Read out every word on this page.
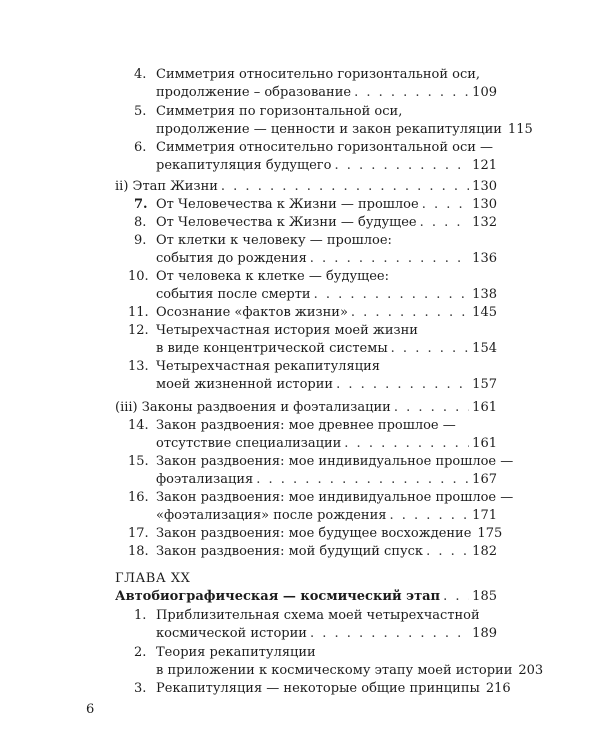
4. Симметрия относительно горизонтальной оси,
продолжение – образование . . .	109
5. Симметрия по горизонтальной оси,
продолжение — ценности и закон рекапитуляции 115
6. Симметрия относительно горизонтальной оси —
рекапитуляция будущего . . .	121
ii) Этап Жизни . . .	130
7. От Человечества к Жизни — прошлое . . .	130
8. От Человечества к Жизни — будущее . . .	132
9. От клетки к человеку — прошлое:
события до рождения . . .	136
10. От человека к клетке — будущее:
события после смерти . . .	138
11. Осознание «фактов жизни» . . .	145
12. Четырехчастная история моей жизни
в виде концентрической системы . . .	154
13. Четырехчастная рекапитуляция
моей жизненной истории . . .	157
(iii) Законы раздвоения и фоэтализации . . .	161
14. Закон раздвоения: мое древнее прошлое —
отсутствие специализации . . .	161
15. Закон раздвоения: мое индивидуальное прошлое —
фоэтализация . . .	167
16. Закон раздвоения: мое индивидуальное прошлое —
«фоэтализация» после рождения . . .	171
17. Закон раздвоения: мое будущее восхождение 175
18. Закон раздвоения: мой будущий спуск . . .	182
ГЛАВА XX
Автобиографическая — космический этап . . . 185
1. Приблизительная схема моей четырехчастной
космической истории . . .	189
2. Теория рекапитуляции
в приложении к космическому этапу моей истории 203
3. Рекапитуляция — некоторые общие принципы 216
6
